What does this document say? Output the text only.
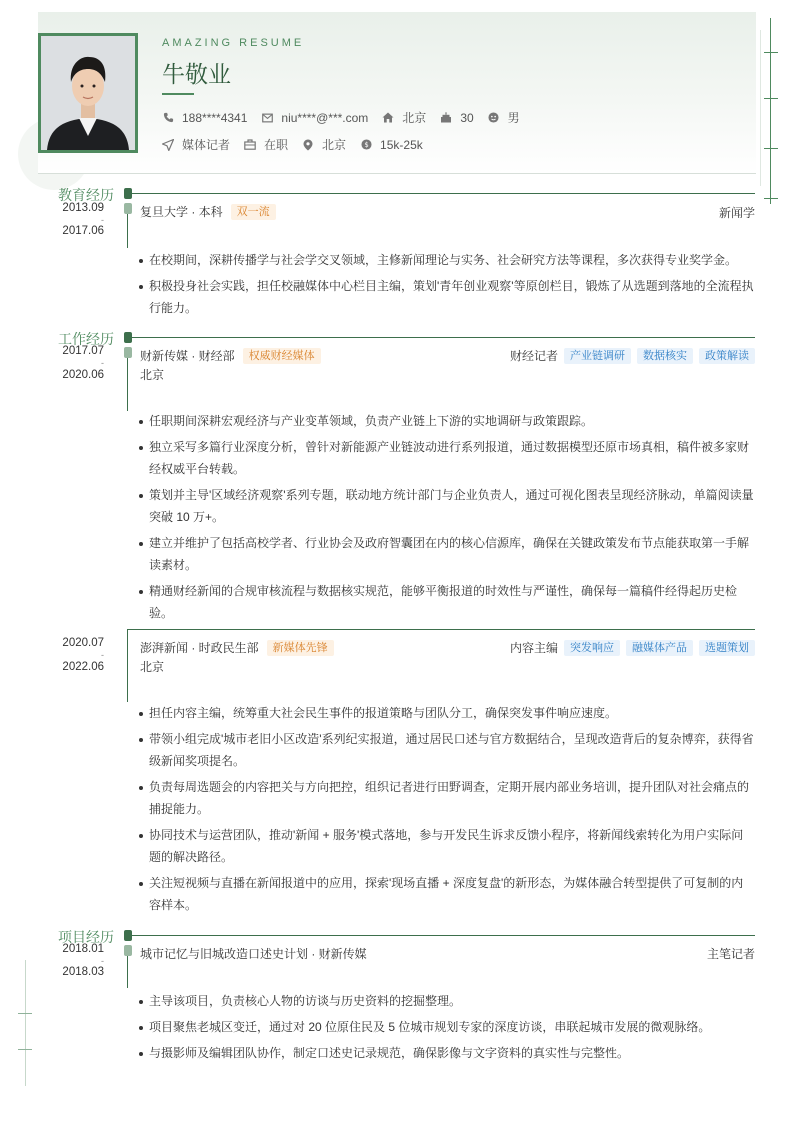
AMAZING RESUME
牛敬业
188****4341	niu****@***.com	北京	30	男
媒体记者	在职	北京 $ 15k-25k
教育经历
2013.09
-
2017.06
复旦大学 · 本科	双一流	新闻学
在校期间，深耕传播学与社会学交叉领域，主修新闻理论与实务、社会研究方法等课程，多次获得专业奖学金。
积极投身社会实践，担任校融媒体中心栏目主编，策划'青年创业观察'等原创栏目，锻炼了从选题到落地的全流程执行能力。
工作经历
2017.07
-
2020.06
财新传媒 · 财经部	权威财经媒体	财经记者	产业链调研	数据核实	政策解读
北京
任职期间深耕宏观经济与产业变革领域，负责产业链上下游的实地调研与政策跟踪。
独立采写多篇行业深度分析，曾针对新能源产业链波动进行系列报道，通过数据模型还原市场真相，稿件被多家财经权威平台转载。
策划并主导'区域经济观察'系列专题，联动地方统计部门与企业负责人，通过可视化图表呈现经济脉动，单篇阅读量突破 10 万+。
建立并维护了包括高校学者、行业协会及政府智囊团在内的核心信源库，确保在关键政策发布节点能获取第一手解读素材。
精通财经新闻的合规审核流程与数据核实规范，能够平衡报道的时效性与严谨性，确保每一篇稿件经得起历史检验。
2020.07
-
2022.06
澎湃新闻 · 时政民生部	新媒体先锋	内容主编	突发响应	融媒体产品	选题策划
北京
担任内容主编，统筹重大社会民生事件的报道策略与团队分工，确保突发事件响应速度。
带领小组完成'城市老旧小区改造'系列纪实报道，通过居民口述与官方数据结合，呈现改造背后的复杂博弈，获得省级新闻奖项提名。
负责每周选题会的内容把关与方向把控，组织记者进行田野调查，定期开展内部业务培训，提升团队对社会痛点的捕捉能力。
协同技术与运营团队，推动'新闻 + 服务'模式落地，参与开发民生诉求反馈小程序，将新闻线索转化为用户实际问题的解决路径。
关注短视频与直播在新闻报道中的应用，探索'现场直播 + 深度复盘'的新形态，为媒体融合转型提供了可复制的内容样本。
项目经历
2018.01
-
2018.03
城市记忆与旧城改造口述史计划 · 财新传媒	主笔记者
主导该项目，负责核心人物的访谈与历史资料的挖掘整理。
项目聚焦老城区变迁，通过对 20 位原住民及 5 位城市规划专家的深度访谈，串联起城市发展的微观脉络。
与摄影师及编辑团队协作，制定口述史记录规范，确保影像与文字资料的真实性与完整性。
